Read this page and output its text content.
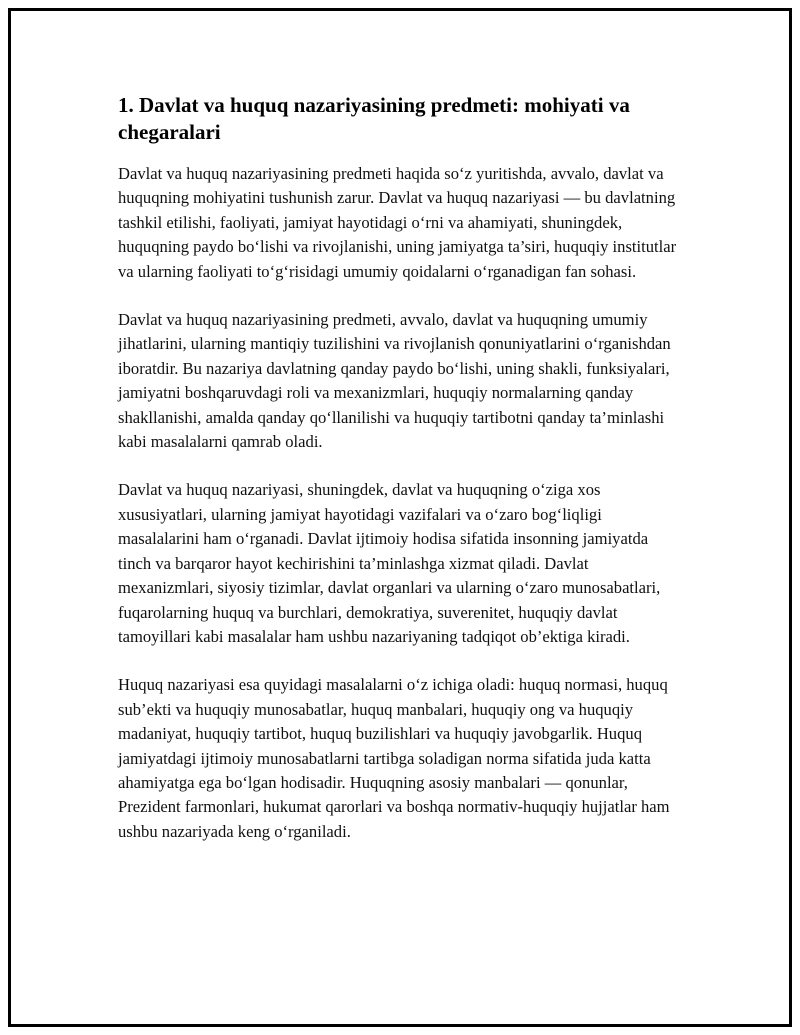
1. Davlat va huquq nazariyasining predmeti: mohiyati va chegaralari

Davlat va huquq nazariyasining predmeti haqida so‘z yuritishda, avvalo, davlat va huquqning mohiyatini tushunish zarur. Davlat va huquq nazariyasi — bu davlatning tashkil etilishi, faoliyati, jamiyat hayotidagi o‘rni va ahamiyati, shuningdek, huquqning paydo bo‘lishi va rivojlanishi, uning jamiyatga ta’siri, huquqiy institutlar va ularning faoliyati to‘g‘risidagi umumiy qoidalarni o‘rganadigan fan sohasi.

Davlat va huquq nazariyasining predmeti, avvalo, davlat va huquqning umumiy jihatlarini, ularning mantiqiy tuzilishini va rivojlanish qonuniyatlarini o‘rganishdan iboratdir. Bu nazariya davlatning qanday paydo bo‘lishi, uning shakli, funksiyalari, jamiyatni boshqaruvdagi roli va mexanizmlari, huquqiy normalarning qanday shakllanishi, amalda qanday qo‘llanilishi va huquqiy tartibotni qanday ta’minlashi kabi masalalarni qamrab oladi.

Davlat va huquq nazariyasi, shuningdek, davlat va huquqning o‘ziga xos xususiyatlari, ularning jamiyat hayotidagi vazifalari va o‘zaro bog‘liqligi masalalarini ham o‘rganadi. Davlat ijtimoiy hodisa sifatida insonning jamiyatda tinch va barqaror hayot kechirishini ta’minlashga xizmat qiladi. Davlat mexanizmlari, siyosiy tizimlar, davlat organlari va ularning o‘zaro munosabatlari, fuqarolarning huquq va burchlari, demokratiya, suverenitet, huquqiy davlat tamoyillari kabi masalalar ham ushbu nazariyaning tadqiqot ob’ektiga kiradi.

Huquq nazariyasi esa quyidagi masalalarni o‘z ichiga oladi: huquq normasi, huquq sub’ekti va huquqiy munosabatlar, huquq manbalari, huquqiy ong va huquqiy madaniyat, huquqiy tartibot, huquq buzilishlari va huquqiy javobgarlik. Huquq jamiyatdagi ijtimoiy munosabatlarni tartibga soladigan norma sifatida juda katta ahamiyatga ega bo‘lgan hodisadir. Huquqning asosiy manbalari — qonunlar, Prezident farmonlari, hukumat qarorlari va boshqa normativ-huquqiy hujjatlar ham ushbu nazariyada keng o‘rganiladi.
